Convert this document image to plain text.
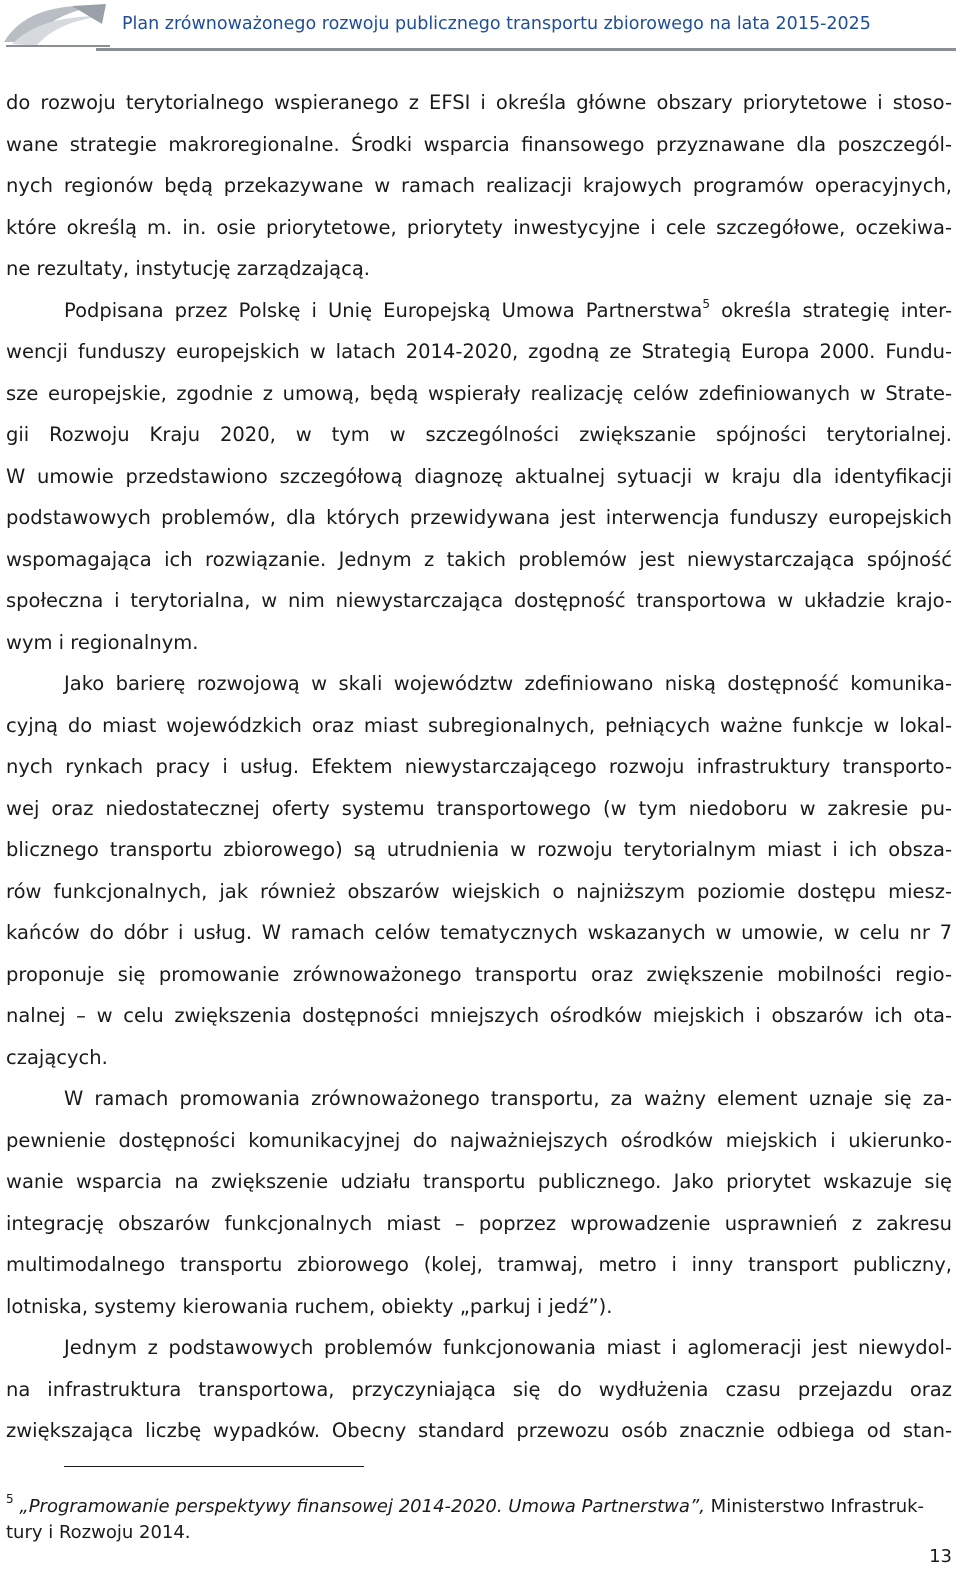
Plan zrównoważonego rozwoju publicznego transportu zbiorowego na lata 2015-2025
do rozwoju terytorialnego wspieranego z EFSI i określa główne obszary priorytetowe i stoso-
wane strategie makroregionalne. Środki wsparcia finansowego przyznawane dla poszczegól-
nych regionów będą przekazywane w ramach realizacji krajowych programów operacyjnych,
które określą m. in. osie priorytetowe, priorytety inwestycyjne i cele szczegółowe, oczekiwa-
ne rezultaty, instytucję zarządzającą.
Podpisana przez Polskę i Unię Europejską Umowa Partnerstwa$^5$ określa strategię inter-
wencji funduszy europejskich w latach 2014-2020, zgodną ze Strategią Europa 2000. Fundu-
sze europejskie, zgodnie z umową, będą wspierały realizację celów zdefiniowanych w Strate-
gii Rozwoju Kraju 2020, w tym w szczególności zwiększanie spójności terytorialnej.
W umowie przedstawiono szczegółową diagnozę aktualnej sytuacji w kraju dla identyfikacji
podstawowych problemów, dla których przewidywana jest interwencja funduszy europejskich
wspomagająca ich rozwiązanie. Jednym z takich problemów jest niewystarczająca spójność
społeczna i terytorialna, w nim niewystarczająca dostępność transportowa w układzie krajo-
wym i regionalnym.
Jako barierę rozwojową w skali województw zdefiniowano niską dostępność komunika-
cyjną do miast wojewódzkich oraz miast subregionalnych, pełniących ważne funkcje w lokal-
nych rynkach pracy i usług. Efektem niewystarczającego rozwoju infrastruktury transporto-
wej oraz niedostatecznej oferty systemu transportowego (w tym niedoboru w zakresie pu-
blicznego transportu zbiorowego) są utrudnienia w rozwoju terytorialnym miast i ich obsza-
rów funkcjonalnych, jak również obszarów wiejskich o najniższym poziomie dostępu miesz-
kańców do dóbr i usług. W ramach celów tematycznych wskazanych w umowie, w celu nr 7
proponuje się promowanie zrównoważonego transportu oraz zwiększenie mobilności regio-
nalnej – w celu zwiększenia dostępności mniejszych ośrodków miejskich i obszarów ich ota-
czających.
W ramach promowania zrównoważonego transportu, za ważny element uznaje się za-
pewnienie dostępności komunikacyjnej do najważniejszych ośrodków miejskich i ukierunko-
wanie wsparcia na zwiększenie udziału transportu publicznego. Jako priorytet wskazuje się
integrację obszarów funkcjonalnych miast – poprzez wprowadzenie usprawnień z zakresu
multimodalnego transportu zbiorowego (kolej, tramwaj, metro i inny transport publiczny,
lotniska, systemy kierowania ruchem, obiekty „parkuj i jedź”).
Jednym z podstawowych problemów funkcjonowania miast i aglomeracji jest niewydol-
na infrastruktura transportowa, przyczyniająca się do wydłużenia czasu przejazdu oraz
zwiększająca liczbę wypadków. Obecny standard przewozu osób znacznie odbiega od stan-
$^5$ „Programowanie perspektywy finansowej 2014-2020. Umowa Partnerstwa”, Ministerstwo Infrastruk-
tury i Rozwoju 2014.
13
